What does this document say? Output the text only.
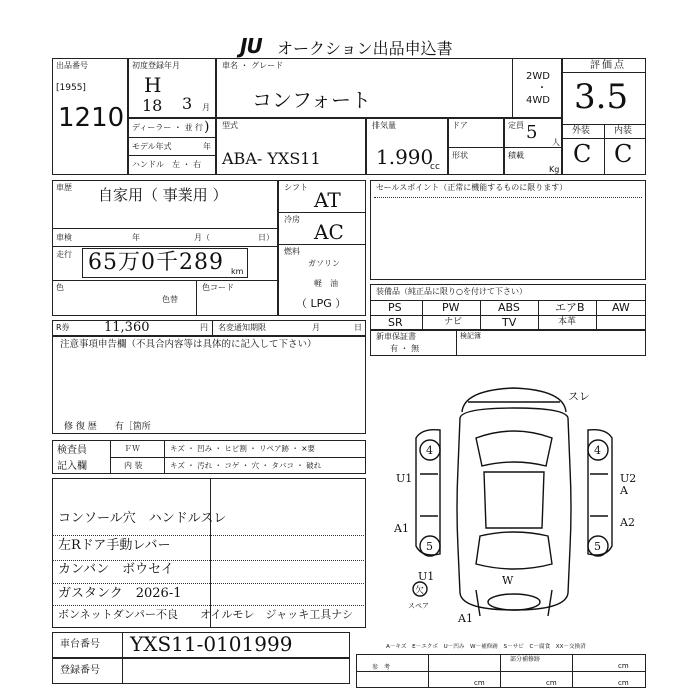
JU オークション出品申込書
出品番号
[1955]
1210
初度登録年月
H
18 3 月
車名 ・ グレード
コンフォート
2WD
・
4WD
評価点
3.5
外装	内装
C C
ディーラー ・ 並 行 )
モデル年式	年
ハンドル　左 ・ 右
型式
ABA- YXS11
排気量
1.990
cc
ドア
形状
定員 5 人
積載
Kg
車歴 自家用（ 事業用 ）
車検	年	月（	日）
走行 65万0千289 km
色
色替
色コード
シフト
AT
冷房
AC
燃料
ガソリン
軽　油
（ LPG ）
セールスポイント（正常に機能するものに限ります）
装備品（純正品に限り○を付けて下さい）
PS	PW	ABS	エアB AW
SR	ナビ	TV	本革
新車保証書
有 ・ 無
検記簿
R券	11,360	円 名変通知期限	月	日
注意事項申告欄（不具合内容等は具体的に記入して下さい）
修 復 歴　　有［箇所
検査員
記入欄
ＦＷ	キズ ・ 凹み ・ ヒビ割 ・ リペア跡 ・ ×要
内 装	キズ ・ 汚れ ・ コゲ ・ 穴 ・ タバコ ・ 破れ
コンソール穴　ハンドルスレ
左Rドア手動レバー
カンバン　ボウセイ
ガスタンク　2026-1
ボンネットダンパー不良　　オイルモレ　ジャッキ工具ナシ
スレ
4	4
U1	U2
A
A1	A2
5	5
U1	W
A1
欠
スペア
車台番号 YXS11-0101999
登録番号
A－キズ　E－エクボ　U－凹み　W－補修跡　S－サビ　C－腐食　XX－交換済
部分補修跡
参　考
cm	cm	cm
cm
